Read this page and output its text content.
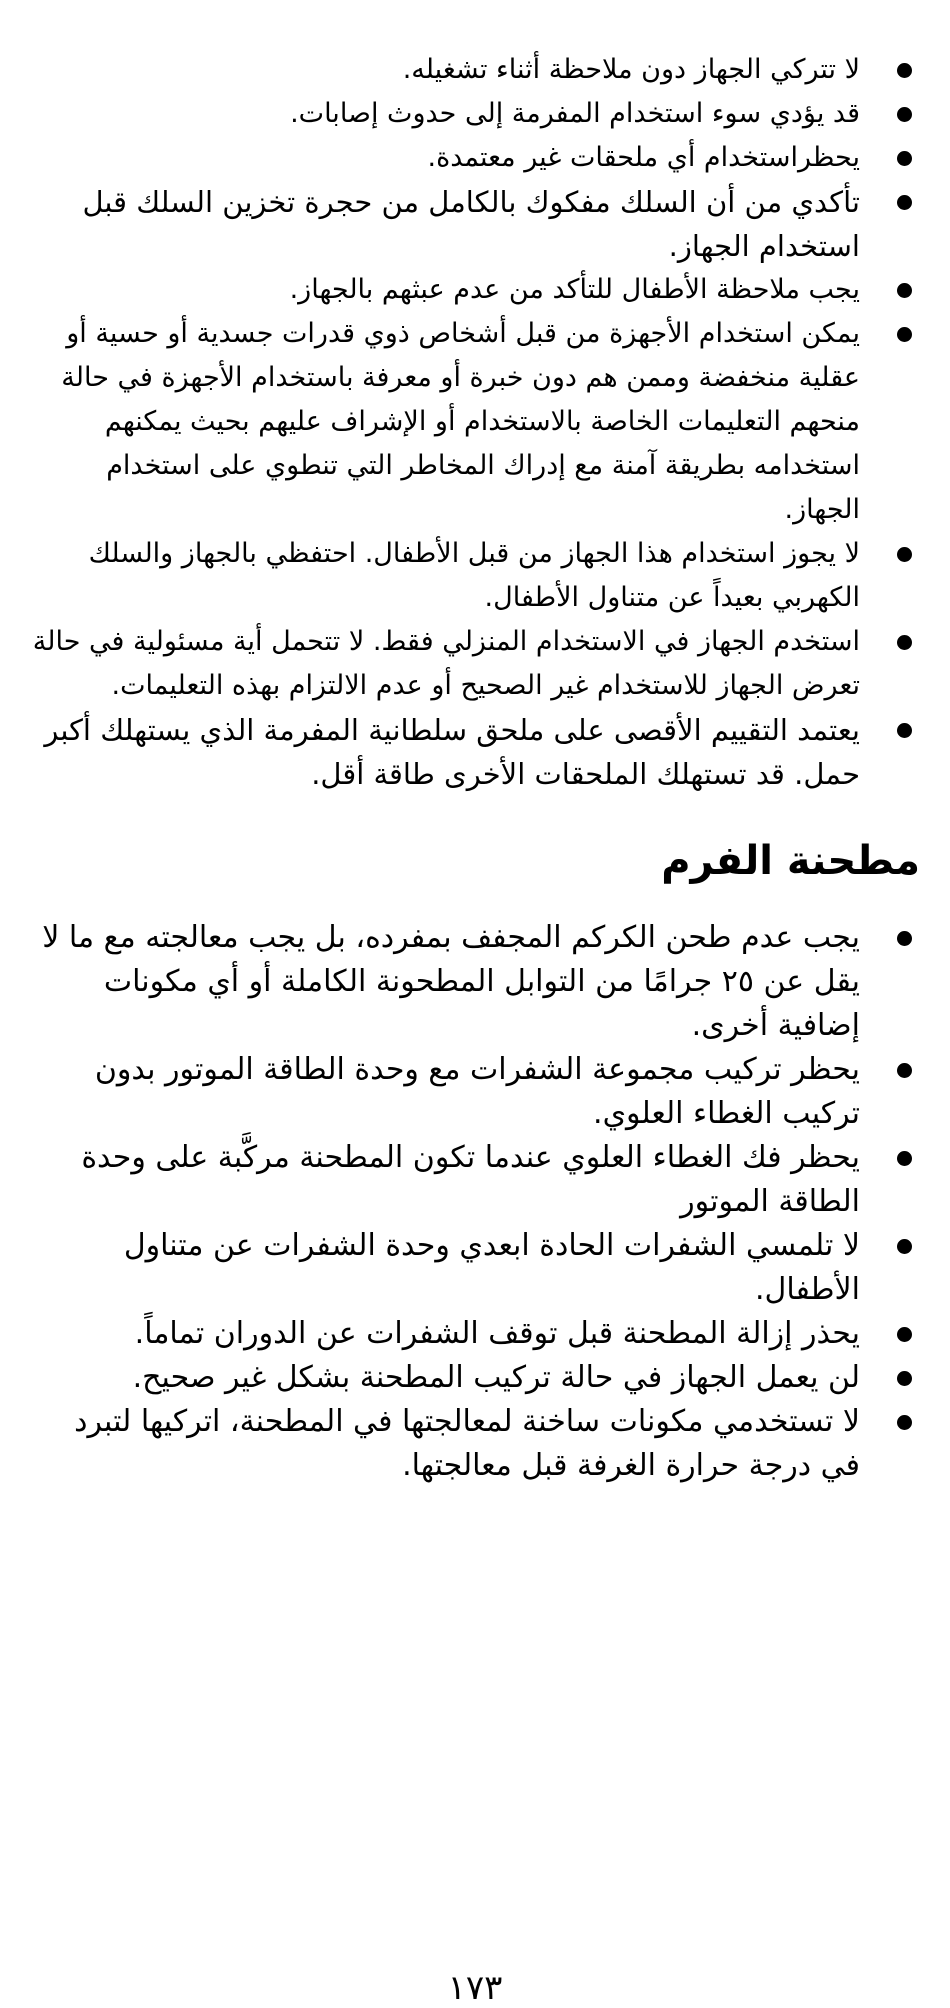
لا تتركي الجهاز دون ملاحظة أثناء تشغيله.
قد يؤدي سوء استخدام المفرمة إلى حدوث إصابات.
يحظراستخدام أي ملحقات غير معتمدة.
تأكدي من أن السلك مفكوك بالكامل من حجرة تخزين السلك قبل استخدام الجهاز.
يجب ملاحظة الأطفال للتأكد من عدم عبثهم بالجهاز.
يمكن استخدام الأجهزة من قبل أشخاص ذوي قدرات جسدية أو حسية أو عقلية منخفضة وممن هم دون خبرة أو معرفة باستخدام الأجهزة في حالة منحهم التعليمات الخاصة بالاستخدام أو الإشراف عليهم بحيث يمكنهم استخدامه بطريقة آمنة مع إدراك المخاطر التي تنطوي على استخدام الجهاز.
لا يجوز استخدام هذا الجهاز من قبل الأطفال. احتفظي بالجهاز والسلك الكهربي بعيداً عن متناول الأطفال.
استخدم الجهاز في الاستخدام المنزلي فقط. لا تتحمل أية مسئولية في حالة تعرض الجهاز للاستخدام غير الصحيح أو عدم الالتزام بهذه التعليمات.
يعتمد التقييم الأقصى على ملحق سلطانية المفرمة الذي يستهلك أكبر حمل. قد تستهلك الملحقات الأخرى طاقة أقل.
مطحنة الفرم
يجب عدم طحن الكركم المجفف بمفرده، بل يجب معالجته مع ما لا يقل عن ٢٥ جرامًا من التوابل المطحونة الكاملة أو أي مكونات إضافية أخرى.
يحظر تركيب مجموعة الشفرات مع وحدة الطاقة الموتور بدون تركيب الغطاء العلوي.
يحظر فك الغطاء العلوي عندما تكون المطحنة مركَّبة على وحدة الطاقة الموتور
لا تلمسي الشفرات الحادة ابعدي وحدة الشفرات عن متناول الأطفال.
يحذر إزالة المطحنة قبل توقف الشفرات عن الدوران تماماً.
لن يعمل الجهاز في حالة تركيب المطحنة بشكل غير صحيح.
لا تستخدمي مكونات ساخنة لمعالجتها في المطحنة، اتركيها لتبرد في درجة حرارة الغرفة قبل معالجتها.
١٧٣
